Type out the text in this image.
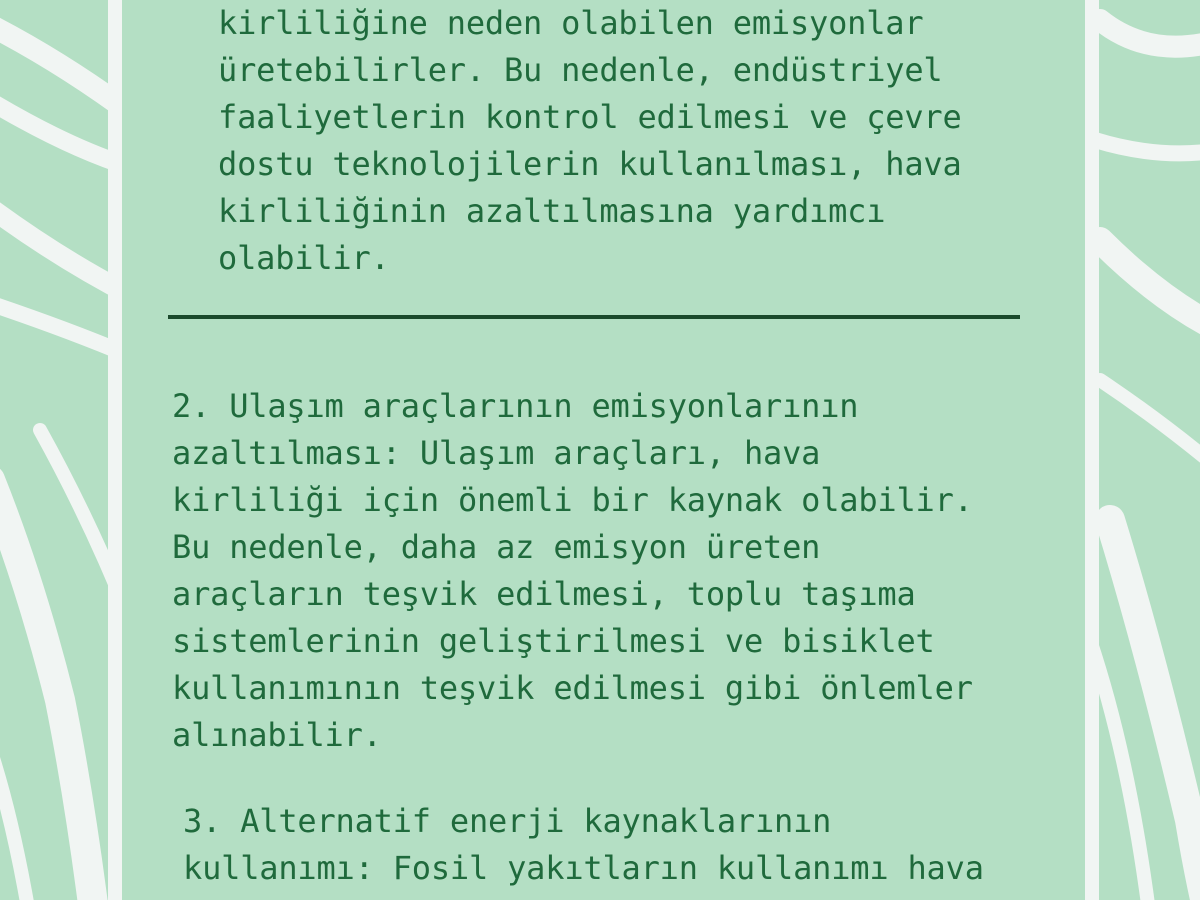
kirliliğine neden olabilen emisyonlar
üretebilirler. Bu nedenle, endüstriyel
faaliyetlerin kontrol edilmesi ve çevre
dostu teknolojilerin kullanılması, hava
kirliliğinin azaltılmasına yardımcı
olabilir.
2. Ulaşım araçlarının emisyonlarının
azaltılması: Ulaşım araçları, hava
kirliliği için önemli bir kaynak olabilir.
Bu nedenle, daha az emisyon üreten
araçların teşvik edilmesi, toplu taşıma
sistemlerinin geliştirilmesi ve bisiklet
kullanımının teşvik edilmesi gibi önlemler
alınabilir.
3. Alternatif enerji kaynaklarının
kullanımı: Fosil yakıtların kullanımı hava
